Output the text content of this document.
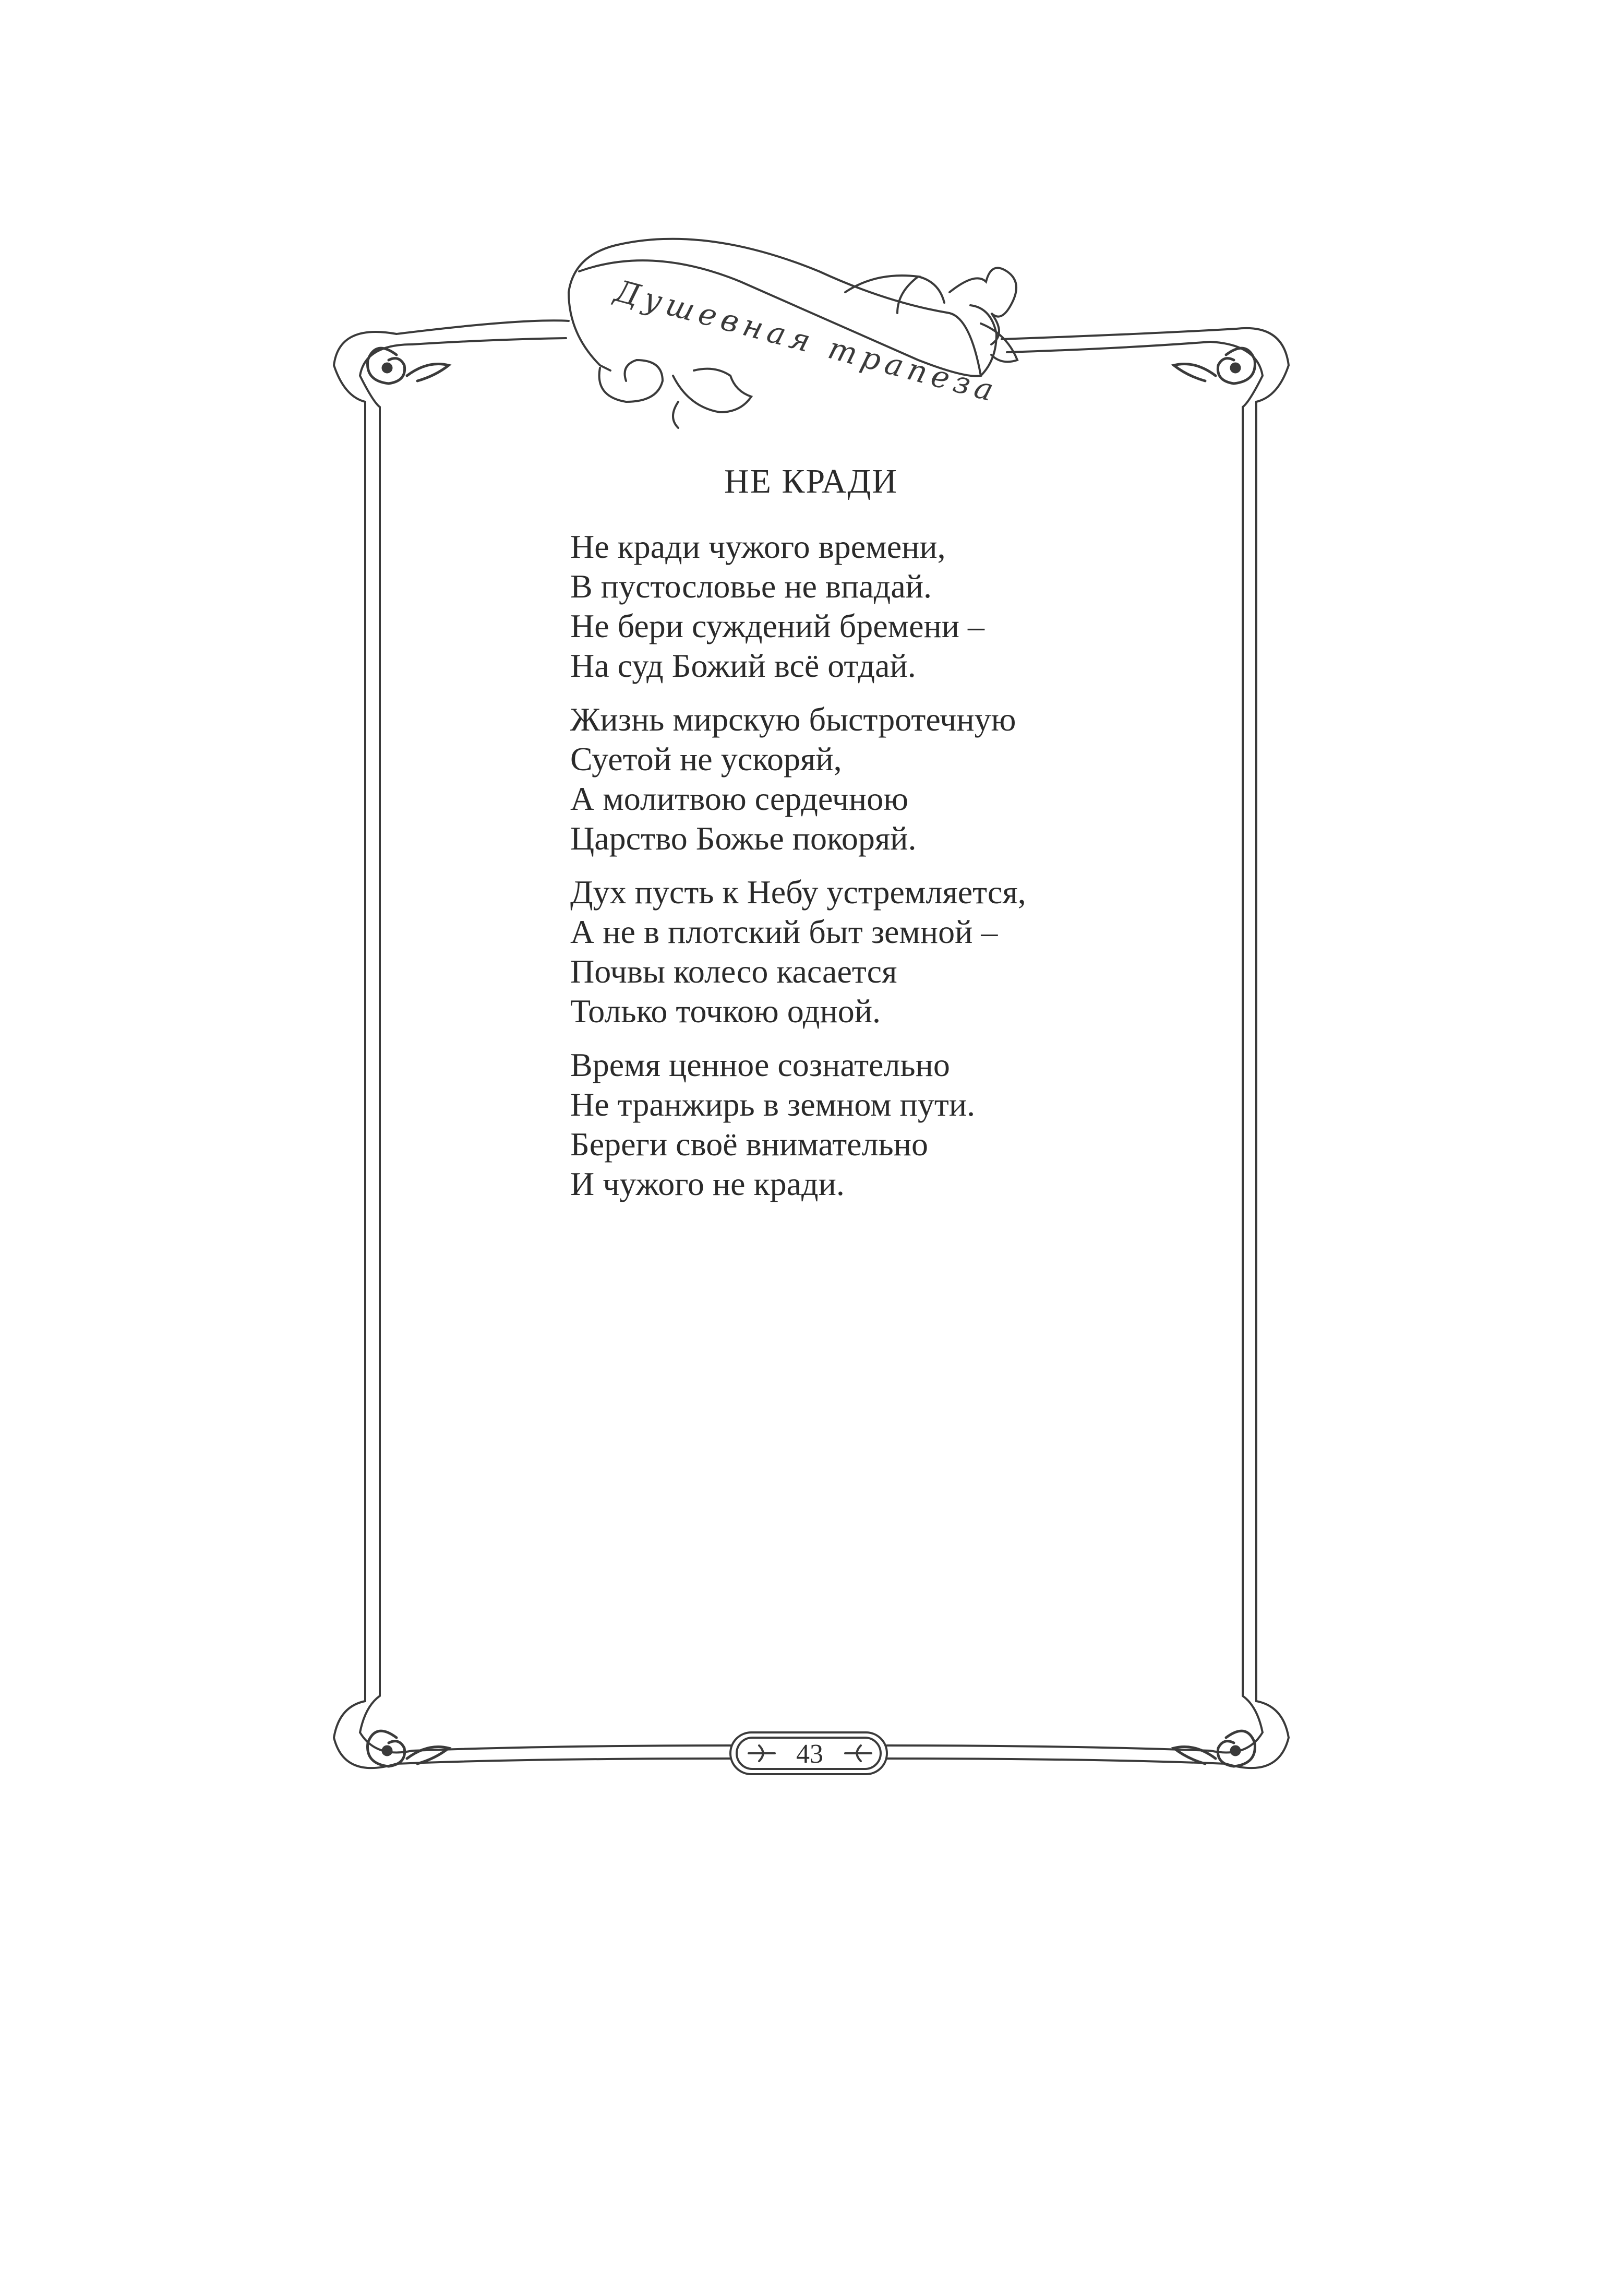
Душевная трапеза
43
НЕ КРАДИ
Не кради чужого времени,
В пустословье не впадай.
Не бери суждений бремени –
На суд Божий всё отдай.
Жизнь мирскую быстротечную
Суетой не ускоряй,
А молитвою сердечною
Царство Божье покоряй.
Дух пусть к Небу устремляется,
А не в плотский быт земной –
Почвы колесо касается
Только точкою одной.
Время ценное сознательно
Не транжирь в земном пути.
Береги своё внимательно
И чужого не кради.
